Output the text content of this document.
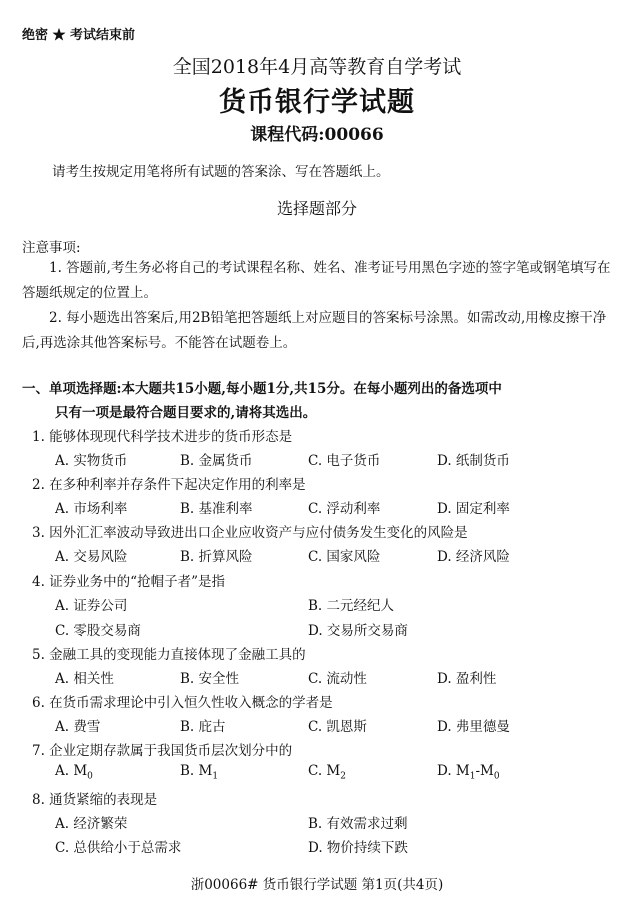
绝密 ★ 考试结束前
全国2018年4月高等教育自学考试
货币银行学试题
课程代码:00066
请考生按规定用笔将所有试题的答案涂、写在答题纸上。
选择题部分
注意事项:
1. 答题前,考生务必将自己的考试课程名称、姓名、准考证号用黑色字迹的签字笔或钢笔填写在答题纸规定的位置上。
2. 每小题选出答案后,用2B铅笔把答题纸上对应题目的答案标号涂黑。如需改动,用橡皮擦干净后,再选涂其他答案标号。不能答在试题卷上。
一、单项选择题:本大题共15小题,每小题1分,共15分。在每小题列出的备选项中
只有一项是最符合题目要求的,请将其选出。
1. 能够体现现代科学技术进步的货币形态是
A. 实物货币	B. 金属货币	C. 电子货币	D. 纸制货币
2. 在多种利率并存条件下起决定作用的利率是
A. 市场利率	B. 基准利率	C. 浮动利率	D. 固定利率
3. 因外汇汇率波动导致进出口企业应收资产与应付债务发生变化的风险是
A. 交易风险	B. 折算风险	C. 国家风险	D. 经济风险
4. 证券业务中的“抢帽子者”是指
A. 证券公司	B. 二元经纪人
C. 零股交易商	D. 交易所交易商
5. 金融工具的变现能力直接体现了金融工具的
A. 相关性	B. 安全性	C. 流动性	D. 盈利性
6. 在货币需求理论中引入恒久性收入概念的学者是
A. 费雪	B. 庇古	C. 凯恩斯	D. 弗里德曼
7. 企业定期存款属于我国货币层次划分中的
A. $M_0$	B. $M_1$	C. $M_2$	D. $M_1-M_0$
8. 通货紧缩的表现是
A. 经济繁荣	B. 有效需求过剩
C. 总供给小于总需求	D. 物价持续下跌
浙00066# 货币银行学试题 第1页(共4页)
